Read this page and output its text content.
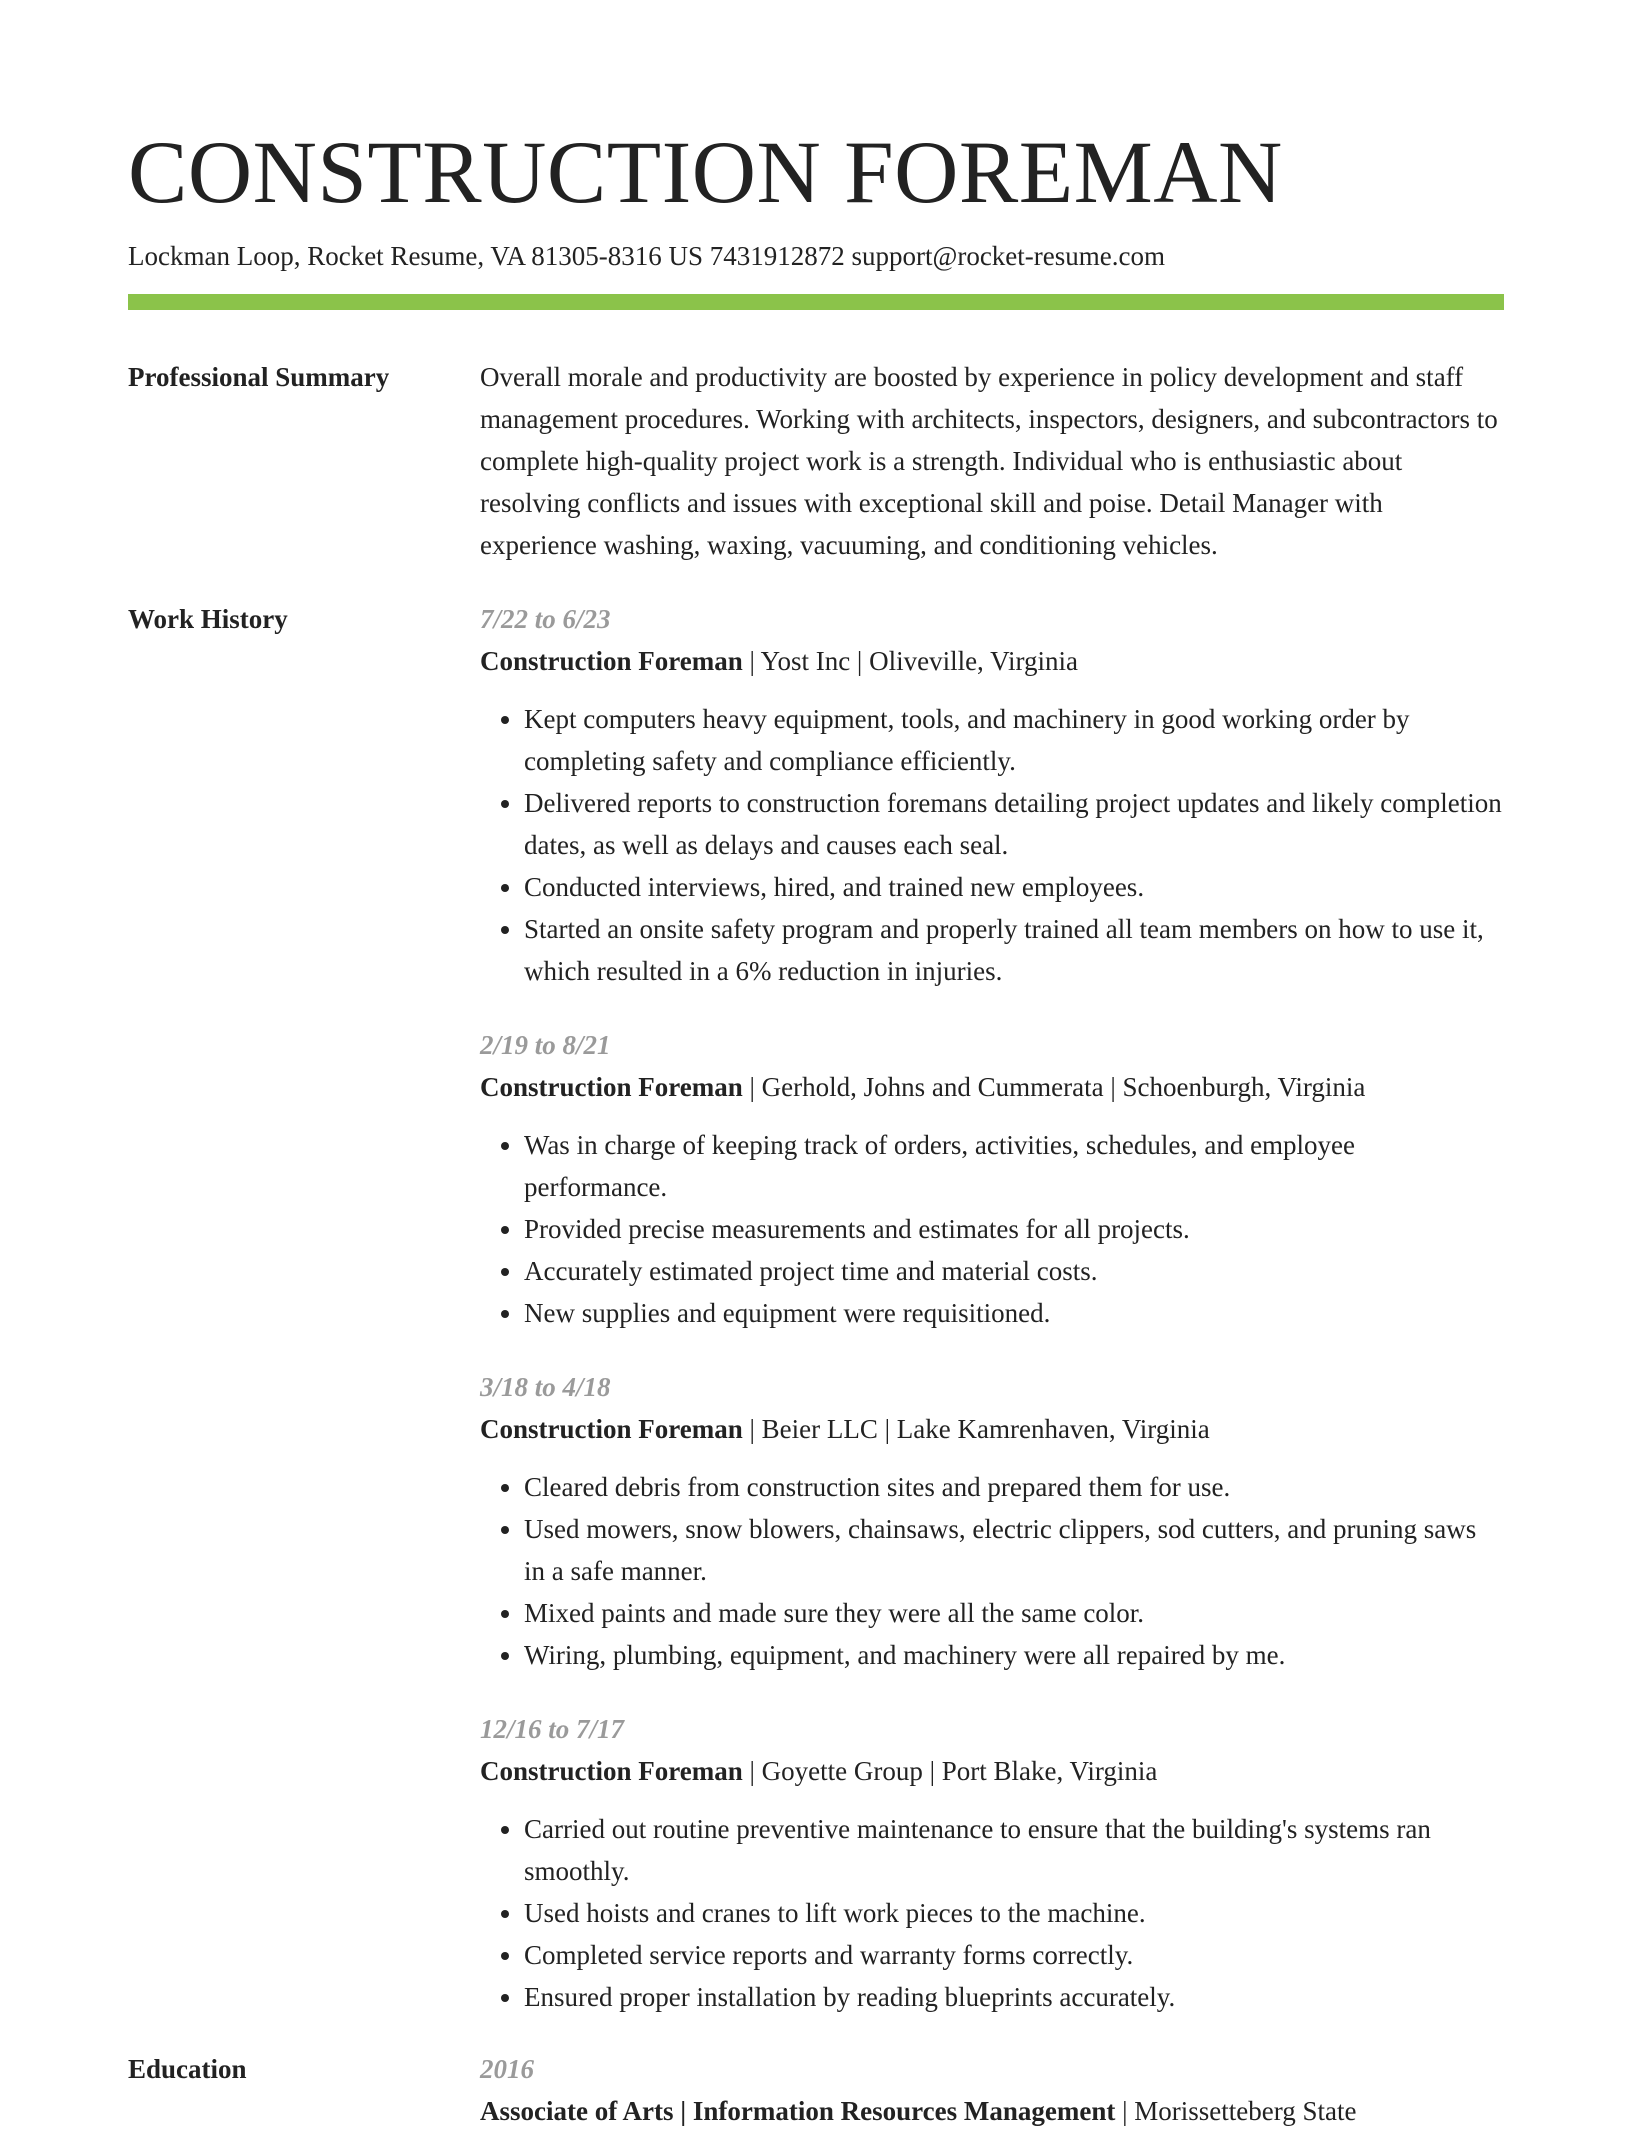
CONSTRUCTION FOREMAN
Lockman Loop, Rocket Resume, VA 81305-8316 US 7431912872 support@rocket-resume.com
Professional Summary	Overall morale and productivity are boosted by experience in policy development and staff management procedures. Working with architects, inspectors, designers, and subcontractors to complete high-quality project work is a strength. Individual who is enthusiastic about resolving conflicts and issues with exceptional skill and poise. Detail Manager with experience washing, waxing, vacuuming, and conditioning vehicles.

Work History	7/22 to 6/23
Construction Foreman | Yost Inc | Oliveville, Virginia
• Kept computers heavy equipment, tools, and machinery in good working order by completing safety and compliance efficiently.
• Delivered reports to construction foremans detailing project updates and likely completion dates, as well as delays and causes each seal.
• Conducted interviews, hired, and trained new employees.
• Started an onsite safety program and properly trained all team members on how to use it, which resulted in a 6% reduction in injuries.
2/19 to 8/21
Construction Foreman | Gerhold, Johns and Cummerata | Schoenburgh, Virginia
• Was in charge of keeping track of orders, activities, schedules, and employee performance.
• Provided precise measurements and estimates for all projects.
• Accurately estimated project time and material costs.
• New supplies and equipment were requisitioned.
3/18 to 4/18
Construction Foreman | Beier LLC | Lake Kamrenhaven, Virginia
• Cleared debris from construction sites and prepared them for use.
• Used mowers, snow blowers, chainsaws, electric clippers, sod cutters, and pruning saws in a safe manner.
• Mixed paints and made sure they were all the same color.
• Wiring, plumbing, equipment, and machinery were all repaired by me.
12/16 to 7/17
Construction Foreman | Goyette Group | Port Blake, Virginia
• Carried out routine preventive maintenance to ensure that the building's systems ran smoothly.
• Used hoists and cranes to lift work pieces to the machine.
• Completed service reports and warranty forms correctly.
• Ensured proper installation by reading blueprints accurately.
Education	2016
Associate of Arts | Information Resources Management | Morissetteberg State
